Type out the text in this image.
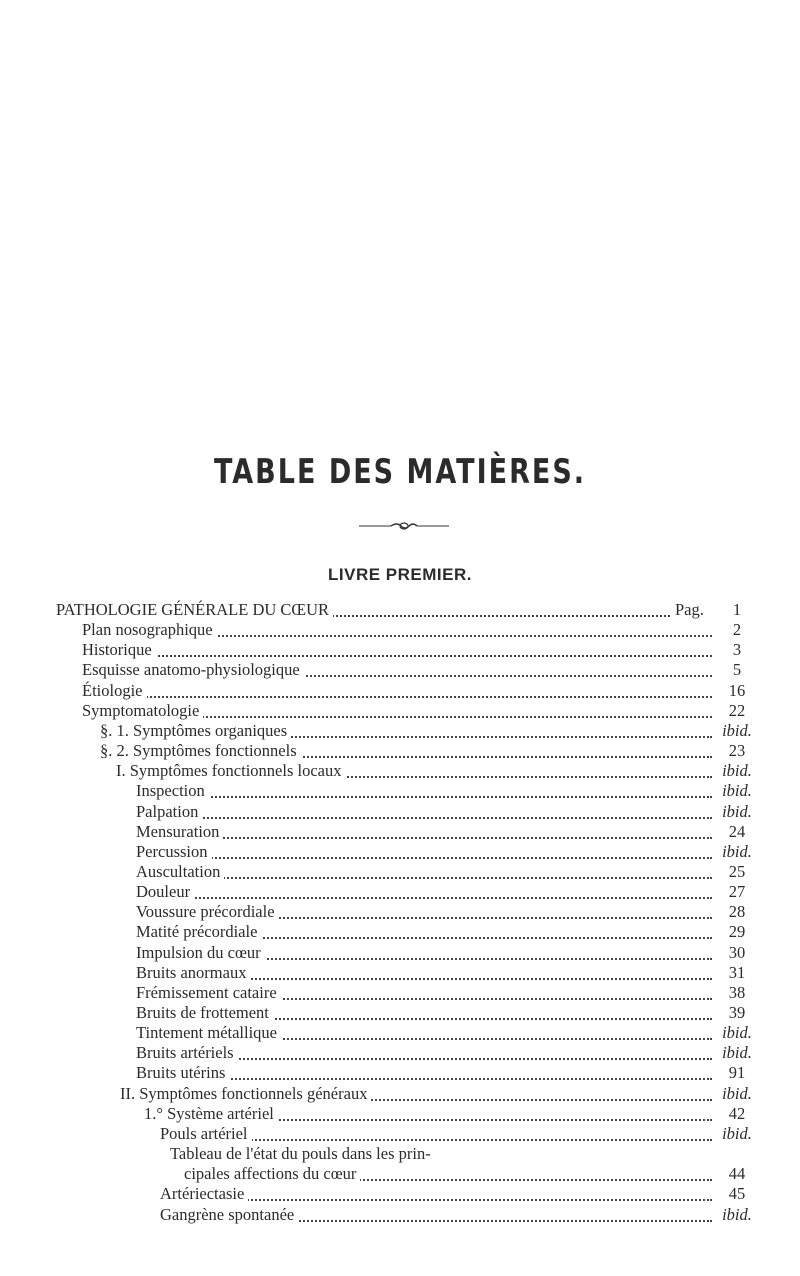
TABLE DES MATIÈRES.
LIVRE PREMIER.
PATHOLOGIE GÉNÉRALE DU CŒUR	Pag.	1
Plan nosographique	2
Historique	3
Esquisse anatomo-physiologique	5
Étiologie	16
Symptomatologie	22
§. 1. Symptômes organiques	ibid.
§. 2. Symptômes fonctionnels	23
I. Symptômes fonctionnels locaux	ibid.
Inspection	ibid.
Palpation	ibid.
Mensuration	24
Percussion	ibid.
Auscultation	25
Douleur	27
Voussure précordiale	28
Matité précordiale	29
Impulsion du cœur	30
Bruits anormaux	31
Frémissement cataire	38
Bruits de frottement	39
Tintement métallique	ibid.
Bruits artériels	ibid.
Bruits utérins	91
II. Symptômes fonctionnels généraux	ibid.
1.° Système artériel	42
Pouls artériel	ibid.
Tableau de l'état du pouls dans les prin-
cipales affections du cœur	44
Artériectasie	45
Gangrène spontanée	ibid.
